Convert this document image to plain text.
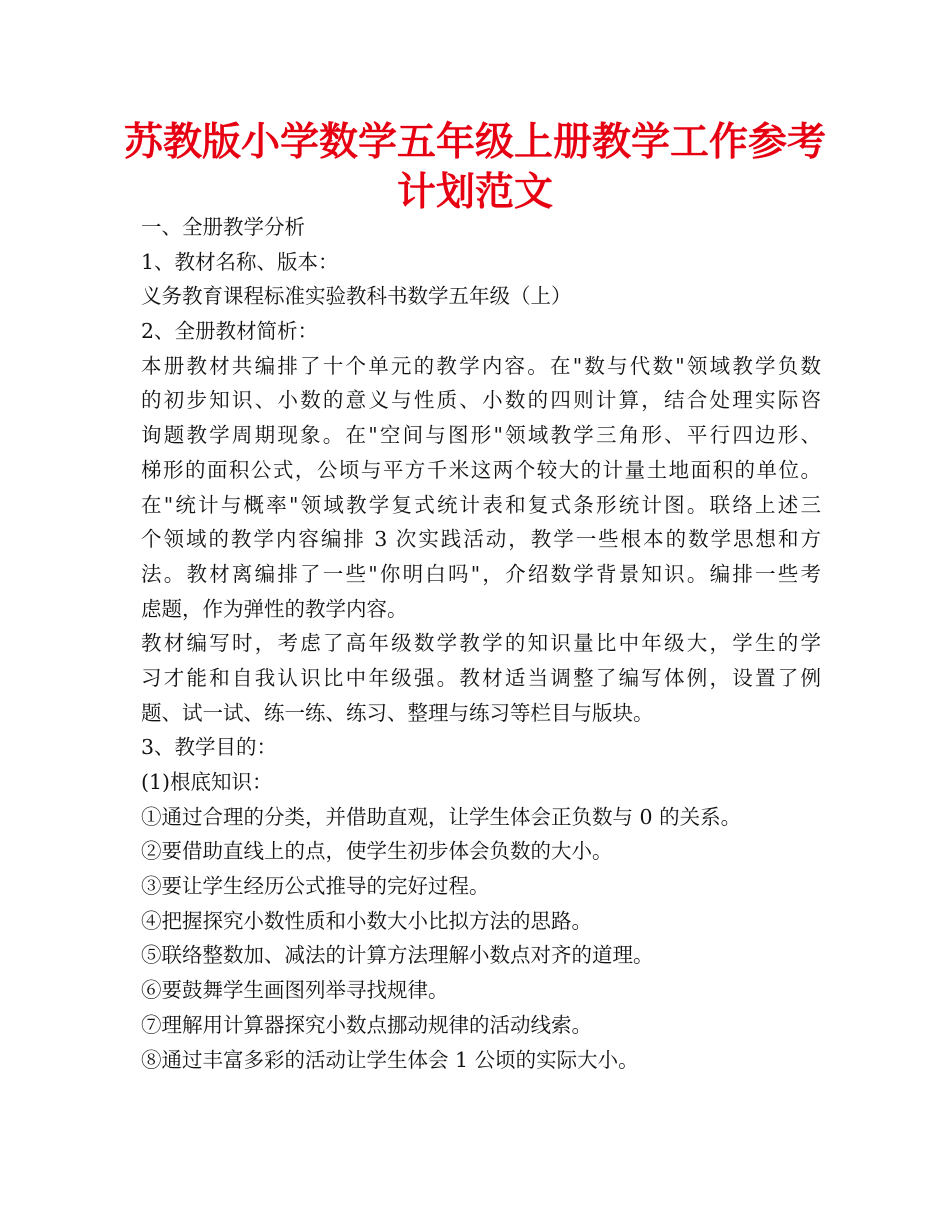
苏教版小学数学五年级上册教学工作参考
计划范文
一、全册教学分析
1、教材名称、版本：
义务教育课程标准实验教科书数学五年级（上）
2、全册教材简析：
本册教材共编排了十个单元的教学内容。在"数与代数"领域教学负数
的初步知识、小数的意义与性质、小数的四则计算，结合处理实际咨
询题教学周期现象。在"空间与图形"领域教学三角形、平行四边形、
梯形的面积公式，公顷与平方千米这两个较大的计量土地面积的单位。
在"统计与概率"领域教学复式统计表和复式条形统计图。联络上述三
个领域的教学内容编排 3 次实践活动，教学一些根本的数学思想和方
法。教材离编排了一些"你明白吗"，介绍数学背景知识。编排一些考
虑题，作为弹性的教学内容。
教材编写时，考虑了高年级数学教学的知识量比中年级大，学生的学
习才能和自我认识比中年级强。教材适当调整了编写体例，设置了例
题、试一试、练一练、练习、整理与练习等栏目与版块。
3、教学目的：
(1)根底知识：
①通过合理的分类，并借助直观，让学生体会正负数与 0 的关系。
②要借助直线上的点，使学生初步体会负数的大小。
③要让学生经历公式推导的完好过程。
④把握探究小数性质和小数大小比拟方法的思路。
⑤联络整数加、减法的计算方法理解小数点对齐的道理。
⑥要鼓舞学生画图列举寻找规律。
⑦理解用计算器探究小数点挪动规律的活动线索。
⑧通过丰富多彩的活动让学生体会 1 公顷的实际大小。
